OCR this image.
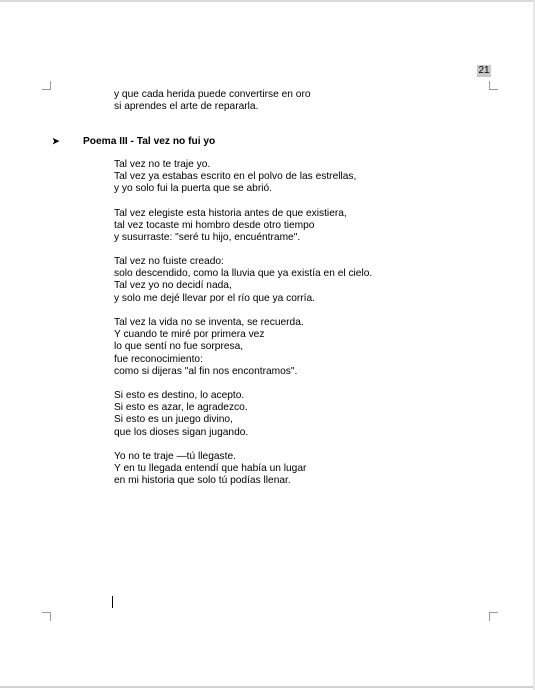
21
y que cada herida puede convertirse en oro
si aprendes el arte de repararla.
➤ Poema III - Tal vez no fui yo
Tal vez no te traje yo.
Tal vez ya estabas escrito en el polvo de las estrellas,
y yo solo fui la puerta que se abrió.
Tal vez elegiste esta historia antes de que existiera,
tal vez tocaste mi hombro desde otro tiempo
y susurraste: "seré tu hijo, encuéntrame".
Tal vez no fuiste creado:
solo descendido, como la lluvia que ya existía en el cielo.
Tal vez yo no decidí nada,
y solo me dejé llevar por el río que ya corría.
Tal vez la vida no se inventa, se recuerda.
Y cuando te miré por primera vez
lo que sentí no fue sorpresa,
fue reconocimiento:
como si dijeras "al fin nos encontramos".
Si esto es destino, lo acepto.
Si esto es azar, le agradezco.
Si esto es un juego divino,
que los dioses sigan jugando.
Yo no te traje —tú llegaste.
Y en tu llegada entendí que había un lugar
en mi historia que solo tú podías llenar.
